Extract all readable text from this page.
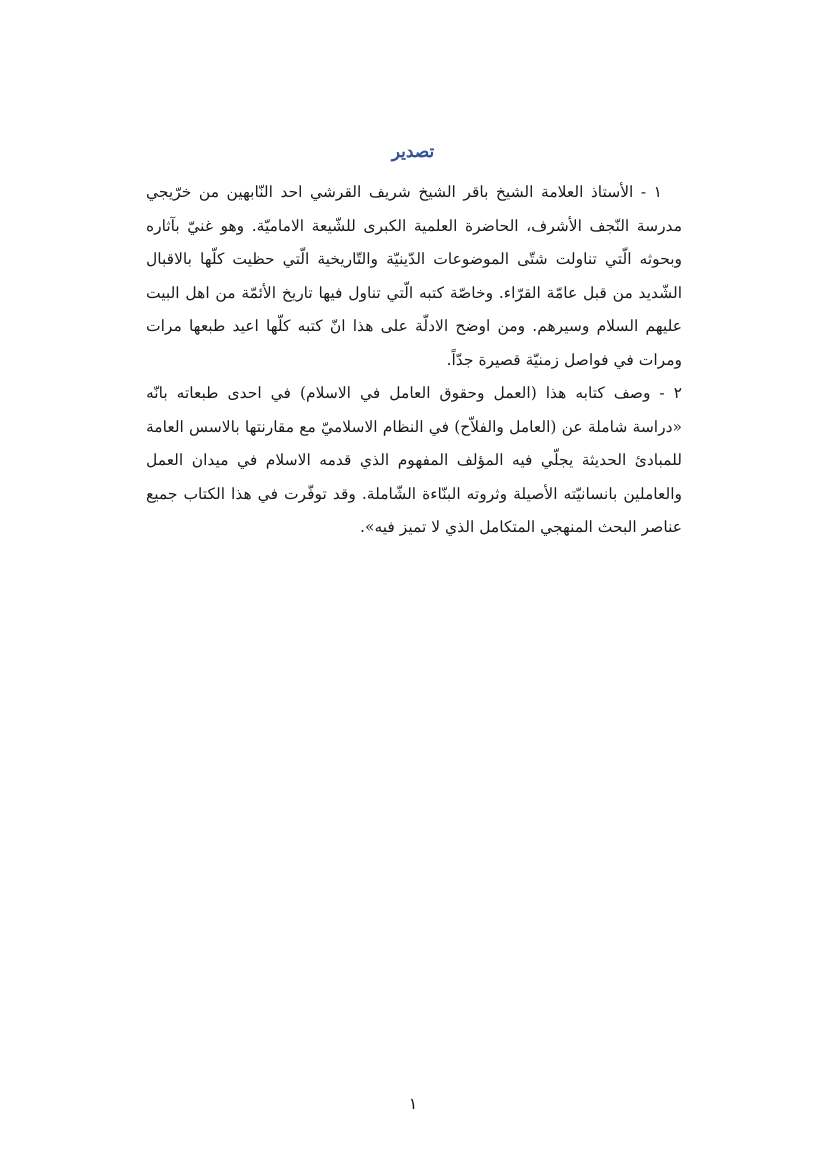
تصدير

١ - الأستاذ العلامة الشيخ باقر الشيخ شريف القرشي احد النّابهين من خرّيجي مدرسة النّجف الأشرف، الحاضرة العلمية الكبرى للشّيعة الاماميّة. وهو غنيّ بآثاره وبحوثه الّتي تناولت شتّى الموضوعات الدّينيّة والتّاريخية الّتي حظيت كلّها بالاقبال الشّديد من قبل عامّة القرّاء. وخاصّة كتبه الّتي تناول فيها تاريخ الأئمّة من اهل البيت عليهم السلام وسيرهم. ومن اوضح الادلّة على هذا انّ كتبه كلّها اعيد طبعها مرات ومرات في فواصل زمنيّة قصيرة جدّاً.

٢ - وصف كتابه هذا (العمل وحقوق العامل في الاسلام) في احدى طبعاته بانّه «دراسة شاملة عن (العامل والفلاّح) في النظام الاسلاميّ مع مقارنتها بالاسس العامة للمبادئ الحديثة يجلّي فيه المؤلف المفهوم الذي قدمه الاسلام في ميدان العمل والعاملين بانسانيّته الأصيلة وثروته البنّاءة الشّاملة. وقد توفّرت في هذا الكتاب جميع عناصر البحث المنهجي المتكامل الذي لا تميز فيه».

١
